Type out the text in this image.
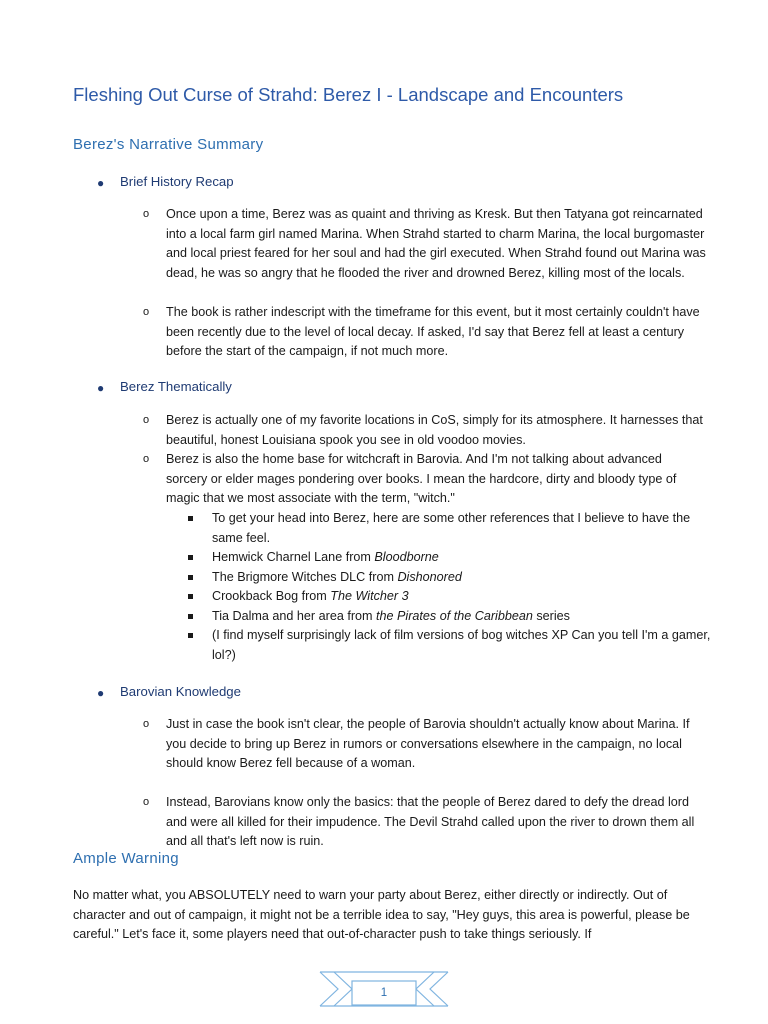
Fleshing Out Curse of Strahd: Berez I - Landscape and Encounters
Berez's Narrative Summary
● Brief History Recap
o Once upon a time, Berez was as quaint and thriving as Kresk. But then Tatyana got reincarnated into a local farm girl named Marina. When Strahd started to charm Marina, the local burgomaster and local priest feared for her soul and had the girl executed. When Strahd found out Marina was dead, he was so angry that he flooded the river and drowned Berez, killing most of the locals.
o The book is rather indescript with the timeframe for this event, but it most certainly couldn't have been recently due to the level of local decay. If asked, I'd say that Berez fell at least a century before the start of the campaign, if not much more.
● Berez Thematically
o Berez is actually one of my favorite locations in CoS, simply for its atmosphere. It harnesses that beautiful, honest Louisiana spook you see in old voodoo movies.
o Berez is also the home base for witchcraft in Barovia. And I'm not talking about advanced sorcery or elder mages pondering over books. I mean the hardcore, dirty and bloody type of magic that we most associate with the term, "witch."
To get your head into Berez, here are some other references that I believe to have the same feel.
Hemwick Charnel Lane from Bloodborne
The Brigmore Witches DLC from Dishonored
Crookback Bog from The Witcher 3
Tia Dalma and her area from the Pirates of the Caribbean series
(I find myself surprisingly lack of film versions of bog witches XP Can you tell I'm a gamer, lol?)
● Barovian Knowledge
o Just in case the book isn't clear, the people of Barovia shouldn't actually know about Marina. If you decide to bring up Berez in rumors or conversations elsewhere in the campaign, no local should know Berez fell because of a woman.
o Instead, Barovians know only the basics: that the people of Berez dared to defy the dread lord and were all killed for their impudence. The Devil Strahd called upon the river to drown them all and all that's left now is ruin.
Ample Warning
No matter what, you ABSOLUTELY need to warn your party about Berez, either directly or indirectly. Out of character and out of campaign, it might not be a terrible idea to say, "Hey guys, this area is powerful, please be careful." Let's face it, some players need that out-of-character push to take things seriously. If
1
